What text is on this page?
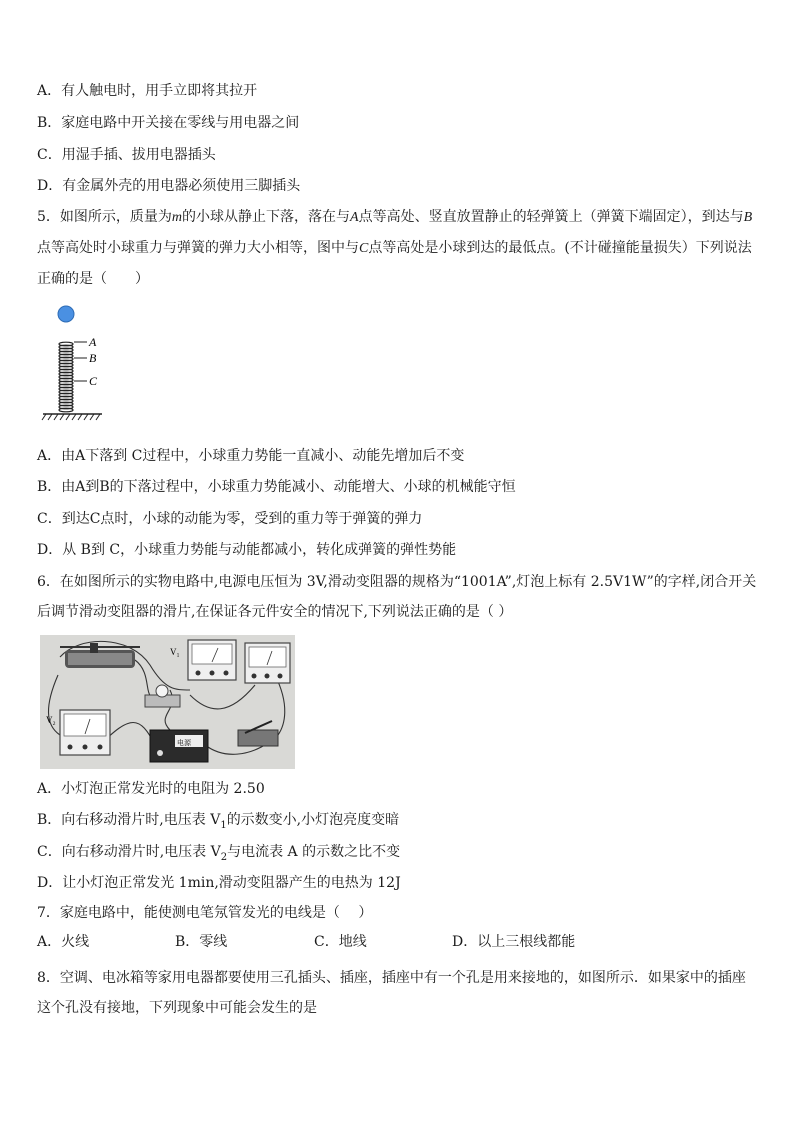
A．有人触电时，用手立即将其拉开
B．家庭电路中开关接在零线与用电器之间
C．用湿手插、拔用电器插头
D．有金属外壳的用电器必须使用三脚插头
5．如图所示，质量为m的小球从静止下落，落在与A点等高处、竖直放置静止的轻弹簧上（弹簧下端固定），到达与B点等高处时小球重力与弹簧的弹力大小相等，图中与C点等高处是小球到达的最低点。(不计碰撞能量损失）下列说法正确的是（　　）
A
B
C
A．由A下落到 C过程中，小球重力势能一直减小、动能先增加后不变
B．由A到B的下落过程中，小球重力势能减小、动能增大、小球的机械能守恒
C．到达C点时，小球的动能为零，受到的重力等于弹簧的弹力
D．从 B到 C，小球重力势能与动能都减小，转化成弹簧的弹性势能
6．在如图所示的实物电路中,电源电压恒为 3V,滑动变阻器的规格为“1001A”,灯泡上标有 2.5V1W”的字样,闭合开关后调节滑动变阻器的滑片,在保证各元件安全的情况下,下列说法正确的是（ ）
V₁
V₂
电源
A．小灯泡正常发光时的电阻为 2.50
B．向右移动滑片时,电压表 $V_1$的示数变小,小灯泡亮度变暗
C．向右移动滑片时,电压表 $V_2$与电流表 A 的示数之比不变
D．让小灯泡正常发光 1min,滑动变阻器产生的电热为 12J
7．家庭电路中，能使测电笔氖管发光的电线是（　 ）
A．火线	B．零线	C．地线	D．以上三根线都能
8．空调、电冰箱等家用电器都要使用三孔插头、插座，插座中有一个孔是用来接地的，如图所示．如果家中的插座这个孔没有接地，下列现象中可能会发生的是
